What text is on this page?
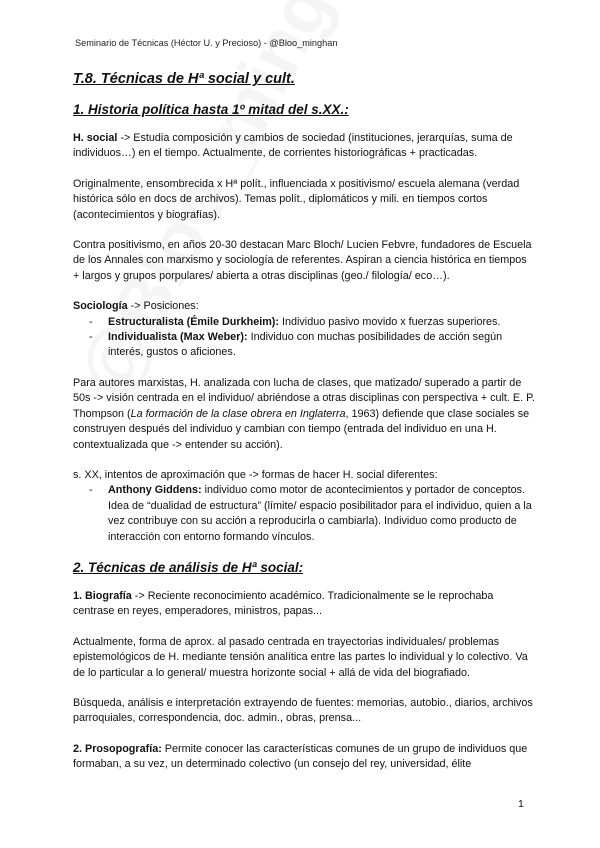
Seminario de Técnicas (Héctor U. y Precioso) - @Bloo_minghan
T.8. Técnicas de Hª social y cult.
1. Historia política hasta 1º mitad del s.XX.:

H. social -> Estudia composición y cambios de sociedad (instituciones, jerarquías, suma de individuos…) en el tiempo. Actualmente, de corrientes historiográficas + practicadas.

Originalmente, ensombrecida x Hª polít., influenciada x positivismo/ escuela alemana (verdad histórica sólo en docs de archivos). Temas polít., diplomáticos y mili. en tiempos cortos (acontecimientos y biografías).

Contra positivismo, en años 20-30 destacan Marc Bloch/ Lucien Febvre, fundadores de Escuela de los Annales con marxismo y sociología de referentes. Aspiran a ciencia histórica en tiempos + largos y grupos porpulares/ abierta a otras disciplinas (geo./ filología/ eco…).

Sociología -> Posiciones:
- Estructuralista (Émile Durkheim): Individuo pasivo movido x fuerzas superiores.
- Individualista (Max Weber): Individuo con muchas posibilidades de acción según interés, gustos o aficiones.

Para autores marxistas, H. analizada con lucha de clases, que matizado/ superado a partir de 50s -> visión centrada en el individuo/ abriéndose a otras disciplinas con perspectiva + cult. E. P. Thompson (La formación de la clase obrera en Inglaterra, 1963) defiende que clase sociales se construyen después del individuo y cambian con tiempo (entrada del individuo en una H. contextualizada que -> entender su acción).

s. XX, intentos de aproximación que -> formas de hacer H. social diferentes:
- Anthony Giddens: individuo como motor de acontecimientos y portador de conceptos. Idea de “dualidad de estructura” (límite/ espacio posibilitador para el individuo, quien a la vez contribuye con su acción a reproducirla o cambiarla). Individuo como producto de interacción con entorno formando vínculos.
2. Técnicas de análisis de Hª social:

1. Biografía -> Reciente reconocimiento académico. Tradicionalmente se le reprochaba centrase en reyes, emperadores, ministros, papas...

Actualmente, forma de aprox. al pasado centrada en trayectorias individuales/ problemas epistemológicos de H. mediante tensión analítica entre las partes lo individual y lo colectivo. Va de lo particular a lo general/ muestra horizonte social + allá de vida del biografiado.

Búsqueda, análisis e interpretación extrayendo de fuentes: memorias, autobio., diarios, archivos parroquiales, correspondencia, doc. admin., obras, prensa...

2. Prosopografía: Permite conocer las características comunes de un grupo de individuos que formaban, a su vez, un determinado colectivo (un consejo del rey, universidad, élite

1
